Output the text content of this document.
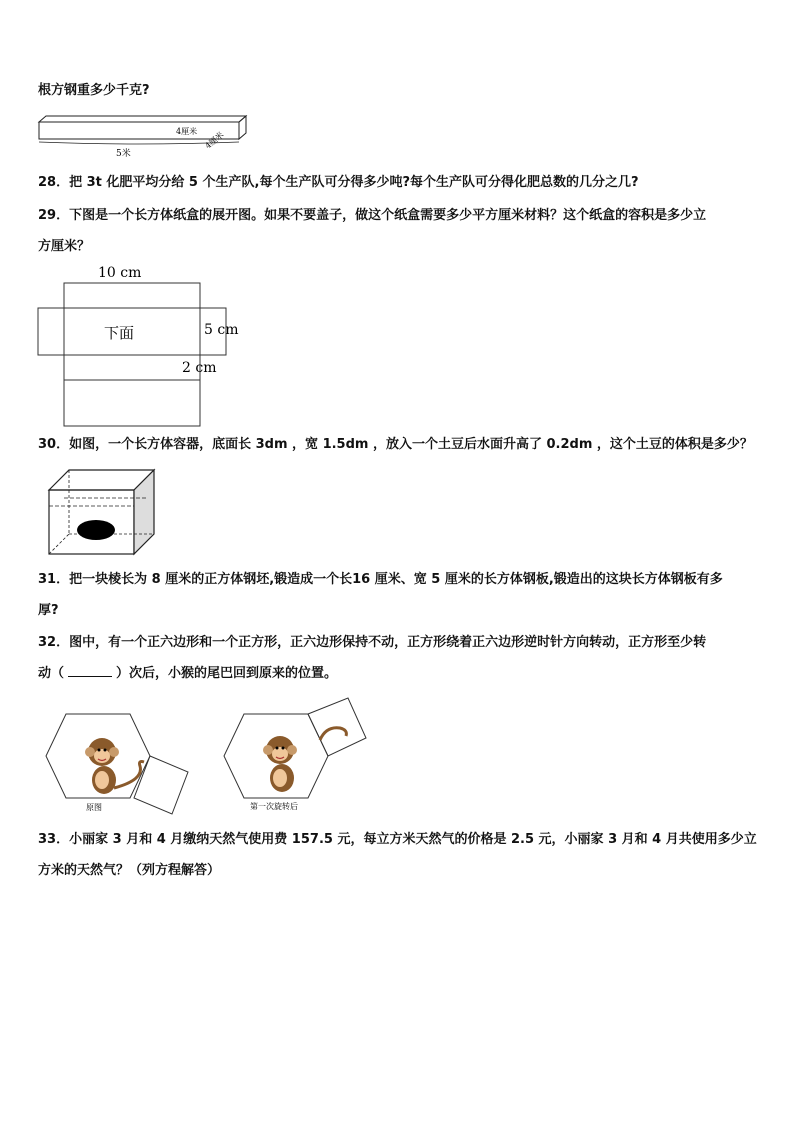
根方钢重多少千克?
5米
4厘米 4厘米
28．把 3t 化肥平均分给 5 个生产队,每个生产队可分得多少吨?每个生产队可分得化肥总数的几分之几?
29．下图是一个长方体纸盒的展开图。如果不要盖子，做这个纸盒需要多少平方厘米材料？这个纸盒的容积是多少立
方厘米？
10 cm
下面	5 cm
2 cm
30．如图，一个长方体容器，底面长 3dm ，宽 1.5dm ，放入一个土豆后水面升高了 0.2dm ，这个土豆的体积是多少？
31．把一块棱长为 8 厘米的正方体钢坯,锻造成一个长16 厘米、宽 5 厘米的长方体钢板,锻造出的这块长方体钢板有多
厚?
32．图中，有一个正六边形和一个正方形，正六边形保持不动，正方形绕着正六边形逆时针方向转动，正方形至少转
动（	）次后，小猴的尾巴回到原来的位置。
原图	第一次旋转后
33．小丽家 3 月和 4 月缴纳天然气使用费 157.5 元，每立方米天然气的价格是 2.5 元，小丽家 3 月和 4 月共使用多少立
方米的天然气？（列方程解答）
